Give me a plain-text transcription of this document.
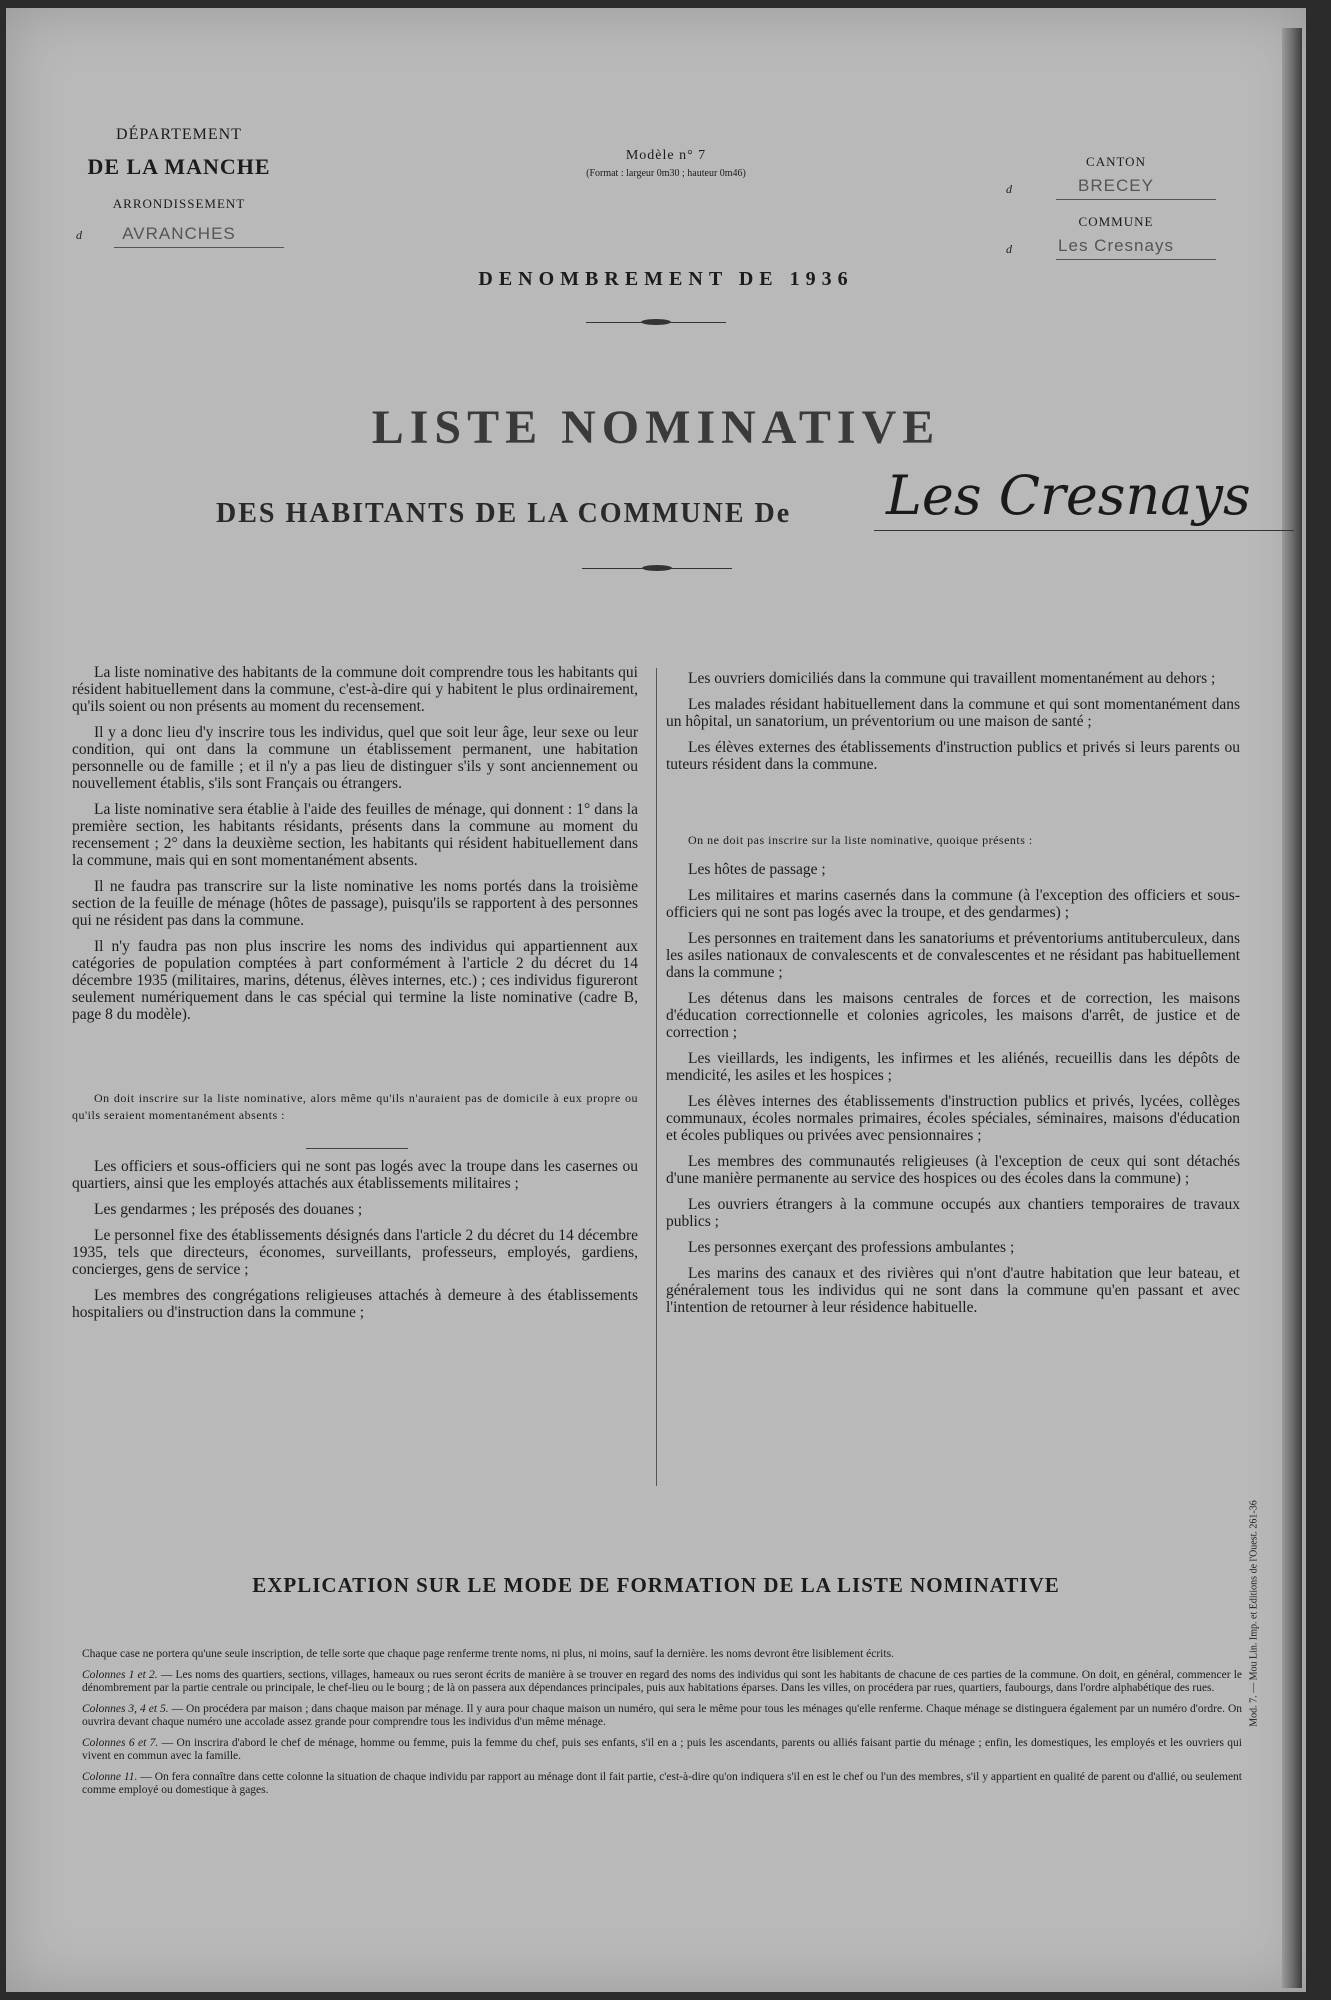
DÉPARTEMENT
DE LA MANCHE
ARRONDISSEMENT
d AVRANCHES
Modèle n° 7
(Format : largeur 0m30 ; hauteur 0m46)
CANTON
d	BRECEY
COMMUNE
d	Les Cresnays
DENOMBREMENT DE 1936
LISTE NOMINATIVE
DES HABITANTS DE LA COMMUNE De Les Cresnays

La liste nominative des habitants de la commune doit comprendre tous les habitants qui résident habituellement dans la commune, c'est-à-dire qui y habitent le plus ordinairement, qu'ils soient ou non présents au moment du recensement.

Il y a donc lieu d'y inscrire tous les individus, quel que soit leur âge, leur sexe ou leur condition, qui ont dans la commune un établissement permanent, une habitation personnelle ou de famille ; et il n'y a pas lieu de distinguer s'ils y sont anciennement ou nouvellement établis, s'ils sont Français ou étrangers.

La liste nominative sera établie à l'aide des feuilles de ménage, qui donnent : 1° dans la première section, les habitants résidants, présents dans la commune au moment du recensement ; 2° dans la deuxième section, les habitants qui résident habituellement dans la commune, mais qui en sont momentanément absents.

Il ne faudra pas transcrire sur la liste nominative les noms portés dans la troisième section de la feuille de ménage (hôtes de passage), puisqu'ils se rapportent à des personnes qui ne résident pas dans la commune.

Il n'y faudra pas non plus inscrire les noms des individus qui appartiennent aux catégories de population comptées à part conformément à l'article 2 du décret du 14 décembre 1935 (militaires, marins, détenus, élèves internes, etc.) ; ces individus figureront seulement numériquement dans le cas spécial qui termine la liste nominative (cadre B, page 8 du modèle).

On doit inscrire sur la liste nominative, alors même qu'ils n'auraient pas de domicile à eux propre ou qu'ils seraient momentanément absents :

Les officiers et sous-officiers qui ne sont pas logés avec la troupe dans les casernes ou quartiers, ainsi que les employés attachés aux établissements militaires ;

Les gendarmes ; les préposés des douanes ;

Le personnel fixe des établissements désignés dans l'article 2 du décret du 14 décembre 1935, tels que directeurs, économes, surveillants, professeurs, employés, gardiens, concierges, gens de service ;

Les membres des congrégations religieuses attachés à demeure à des établissements hospitaliers ou d'instruction dans la commune ;

Les ouvriers domiciliés dans la commune qui travaillent momentanément au dehors ;

Les malades résidant habituellement dans la commune et qui sont momentanément dans un hôpital, un sanatorium, un préventorium ou une maison de santé ;

Les élèves externes des établissements d'instruction publics et privés si leurs parents ou tuteurs résident dans la commune.

On ne doit pas inscrire sur la liste nominative, quoique présents :

Les hôtes de passage ;

Les militaires et marins casernés dans la commune (à l'exception des officiers et sous-officiers qui ne sont pas logés avec la troupe, et des gendarmes) ;

Les personnes en traitement dans les sanatoriums et préventoriums antituberculeux, dans les asiles nationaux de convalescents et de convalescentes et ne résidant pas habituellement dans la commune ;

Les détenus dans les maisons centrales de forces et de correction, les maisons d'éducation correctionnelle et colonies agricoles, les maisons d'arrêt, de justice et de correction ;

Les vieillards, les indigents, les infirmes et les aliénés, recueillis dans les dépôts de mendicité, les asiles et les hospices ;

Les élèves internes des établissements d'instruction publics et privés, lycées, collèges communaux, écoles normales primaires, écoles spéciales, séminaires, maisons d'éducation et écoles publiques ou privées avec pensionnaires ;

Les membres des communautés religieuses (à l'exception de ceux qui sont détachés d'une manière permanente au service des hospices ou des écoles dans la commune) ;

Les ouvriers étrangers à la commune occupés aux chantiers temporaires de travaux publics ;

Les personnes exerçant des professions ambulantes ;

Les marins des canaux et des rivières qui n'ont d'autre habitation que leur bateau, et généralement tous les individus qui ne sont dans la commune qu'en passant et avec l'intention de retourner à leur résidence habituelle.

EXPLICATION SUR LE MODE DE FORMATION DE LA LISTE NOMINATIVE

Chaque case ne portera qu'une seule inscription, de telle sorte que chaque page renferme trente noms, ni plus, ni moins, sauf la dernière. les noms devront être lisiblement écrits.

Colonnes 1 et 2. — Les noms des quartiers, sections, villages, hameaux ou rues seront écrits de manière à se trouver en regard des noms des individus qui sont les habitants de chacune de ces parties de la commune. On doit, en général, commencer le dénombrement par la partie centrale ou principale, le chef-lieu ou le bourg ; de là on passera aux dépendances principales, puis aux habitations éparses. Dans les villes, on procédera par rues, quartiers, faubourgs, dans l'ordre alphabétique des rues.

Colonnes 3, 4 et 5. — On procédera par maison ; dans chaque maison par ménage. Il y aura pour chaque maison un numéro, qui sera le même pour tous les ménages qu'elle renferme. Chaque ménage se distinguera également par un numéro d'ordre. On ouvrira devant chaque numéro une accolade assez grande pour comprendre tous les individus d'un même ménage.

Colonnes 6 et 7. — On inscrira d'abord le chef de ménage, homme ou femme, puis la femme du chef, puis ses enfants, s'il en a ; puis les ascendants, parents ou alliés faisant partie du ménage ; enfin, les domestiques, les employés et les ouvriers qui vivent en commun avec la famille.

Colonne 11. — On fera connaître dans cette colonne la situation de chaque individu par rapport au ménage dont il fait partie, c'est-à-dire qu'on indiquera s'il en est le chef ou l'un des membres, s'il y appartient en qualité de parent ou d'allié, ou seulement comme employé ou domestique à gages.

Mod. 7. — Mou Lin. Imp. et Editions de l'Ouest. 261-36
